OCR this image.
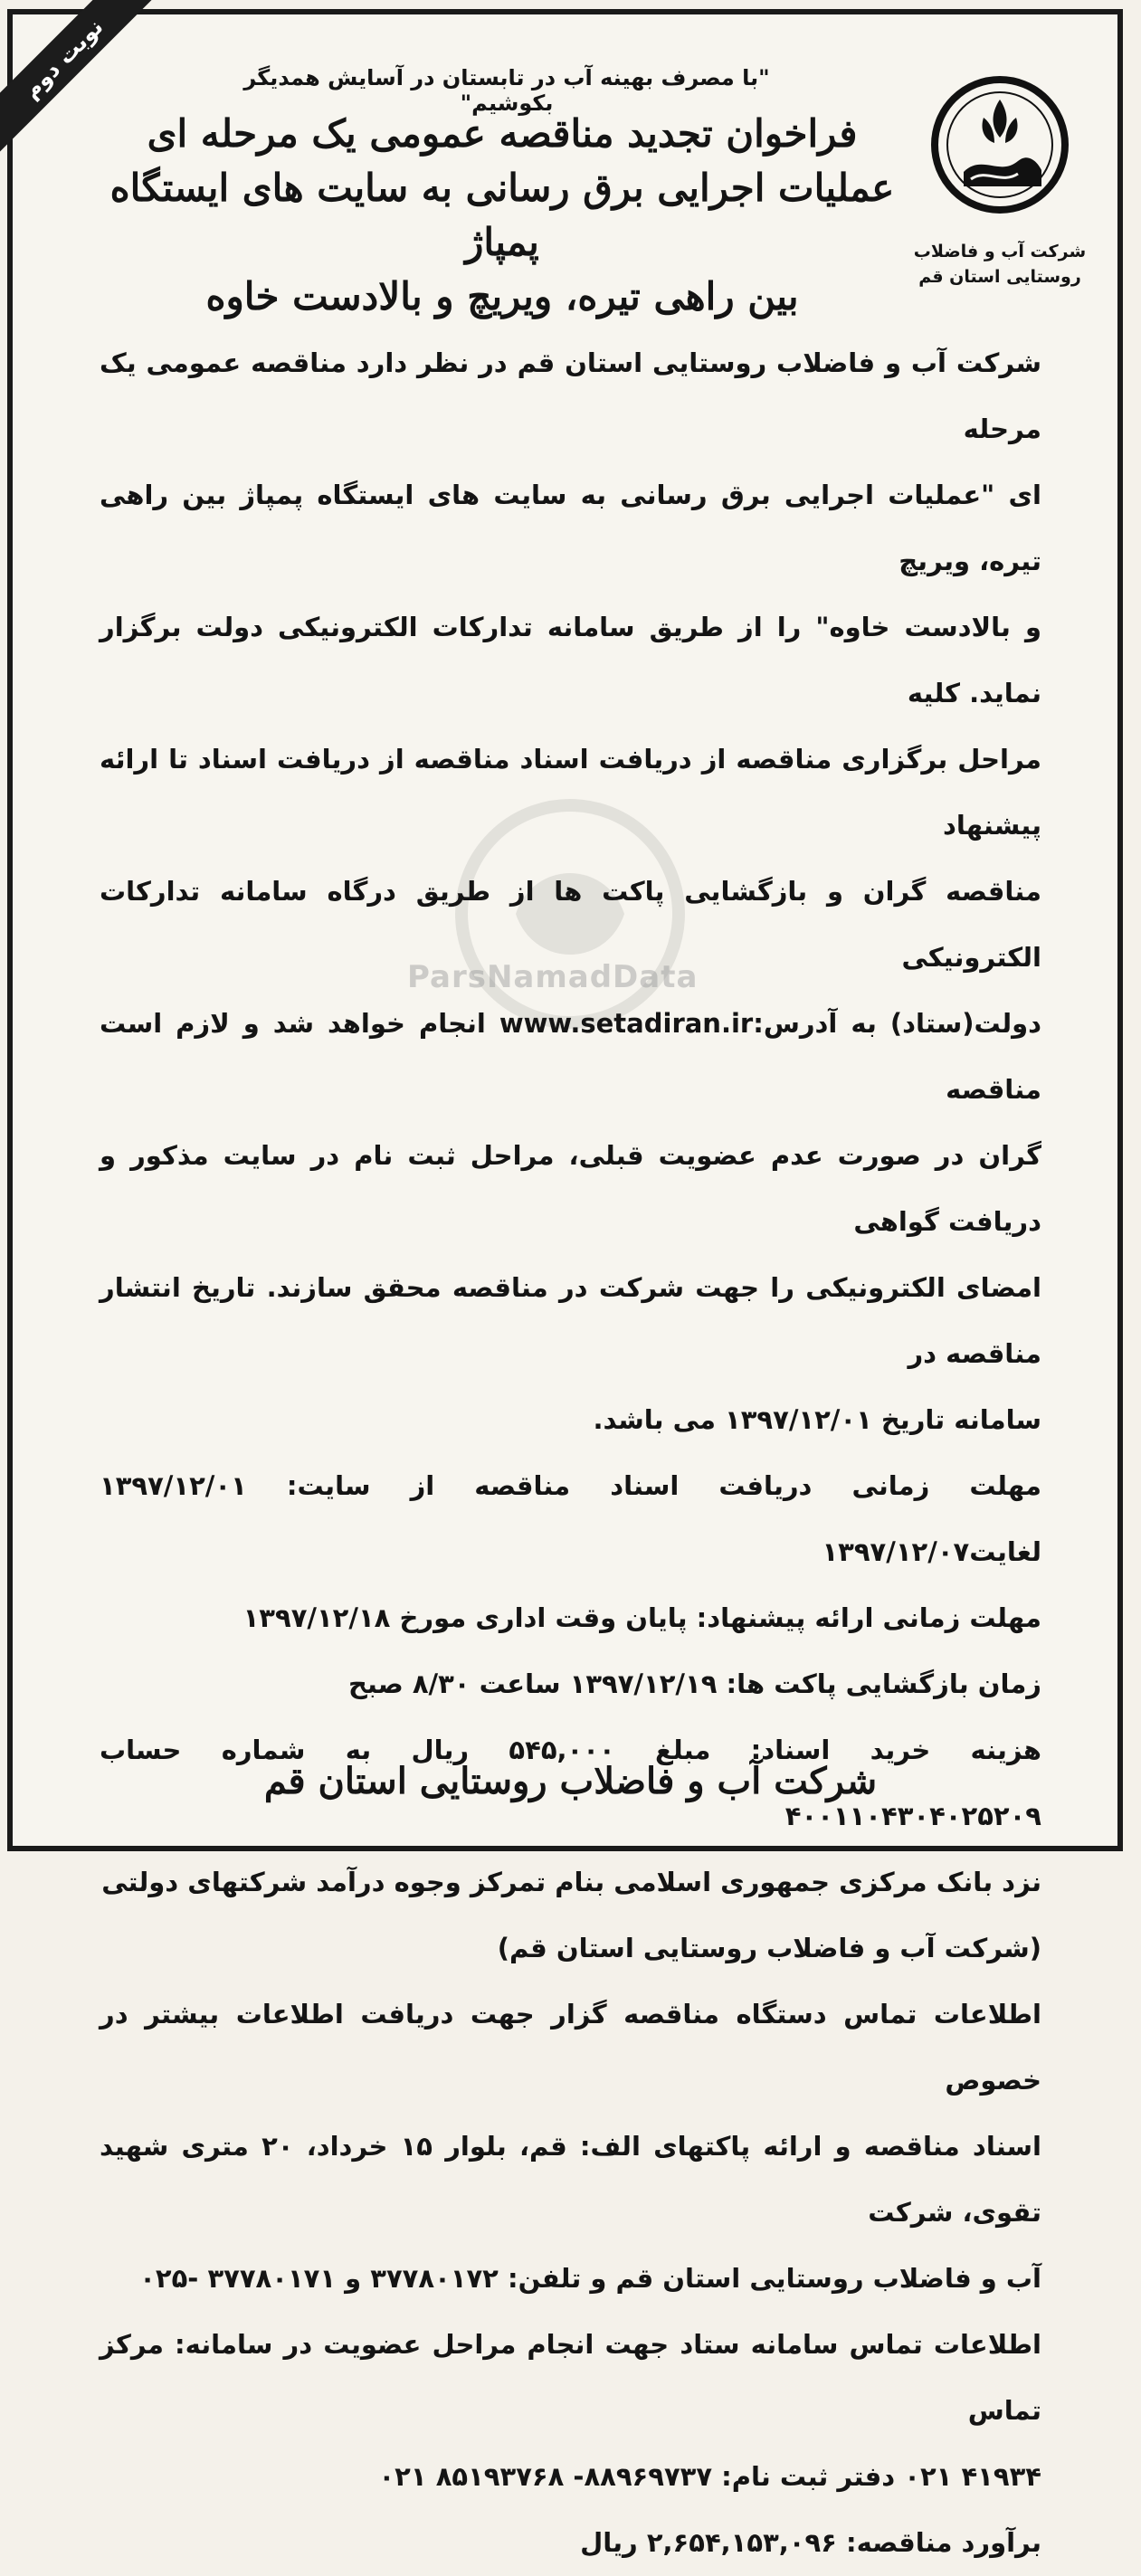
نوبت دوم	"با مصرف بهینه آب در تابستان در آسایش همدیگر بکوشیم"
فراخوان تجدید مناقصه عمومی یک مرحله ای
عملیات اجرایی برق رسانی به سایت های ایستگاه پمپاژ
بین راهی تیره، ویریچ و بالادست خاوه
شرکت آب و فاضلاب
روستایی استان قم

شرکت آب و فاضلاب روستایی استان قم در نظر دارد مناقصه عمومی یک مرحله
ای "عملیات اجرایی برق رسانی به سایت های ایستگاه پمپاژ بین راهی تیره، ویریچ
و بالادست خاوه" را از طریق سامانه تدارکات الکترونیکی دولت برگزار نماید. کلیه
مراحل برگزاری مناقصه از دریافت اسناد مناقصه از دریافت اسناد تا ارائه پیشنهاد
مناقصه گران و بازگشایی پاکت ها از طریق درگاه سامانه تدارکات الکترونیکی
دولت(ستاد) به آدرس:www.setadiran.ir انجام خواهد شد و لازم است مناقصه
گران در صورت عدم عضویت قبلی، مراحل ثبت نام در سایت مذکور و دریافت گواهی
امضای الکترونیکی را جهت شرکت در مناقصه محقق سازند. تاریخ انتشار مناقصه در
سامانه تاریخ ۱۳۹۷/۱۲/۰۱ می باشد.

مهلت زمانی دریافت اسناد مناقصه از سایت: ۱۳۹۷/۱۲/۰۱ لغایت۱۳۹۷/۱۲/۰۷

مهلت زمانی ارائه پیشنهاد: پایان وقت اداری مورخ ۱۳۹۷/۱۲/۱۸

زمان بازگشایی پاکت ها: ۱۳۹۷/۱۲/۱۹ ساعت ۸/۳۰ صبح

هزینه خرید اسناد: مبلغ ۵۴۵,۰۰۰ ریال به شماره حساب ۴۰۰۱۱۰۴۳۰۴۰۲۵۲۰۹
نزد بانک مرکزی جمهوری اسلامی بنام تمرکز وجوه درآمد شرکتهای دولتی
(شرکت آب و فاضلاب روستایی استان قم)

اطلاعات تماس دستگاه مناقصه گزار جهت دریافت اطلاعات بیشتر در خصوص
اسناد مناقصه و ارائه پاکتهای الف: قم، بلوار ۱۵ خرداد، ۲۰ متری شهید تقوی، شرکت
آب و فاضلاب روستایی استان قم و تلفن: ۳۷۷۸۰۱۷۲ و ۳۷۷۸۰۱۷۱ -۰۲۵

اطلاعات تماس سامانه ستاد جهت انجام مراحل عضویت در سامانه: مرکز تماس
۴۱۹۳۴ ۰۲۱ دفتر ثبت نام: ۸۸۹۶۹۷۳۷- ۸۵۱۹۳۷۶۸ ۰۲۱

برآورد مناقصه: ۲,۶۵۴,۱۵۳,۰۹۶ ریال

ParsNamadData
شرکت آب و فاضلاب روستایی استان قم
